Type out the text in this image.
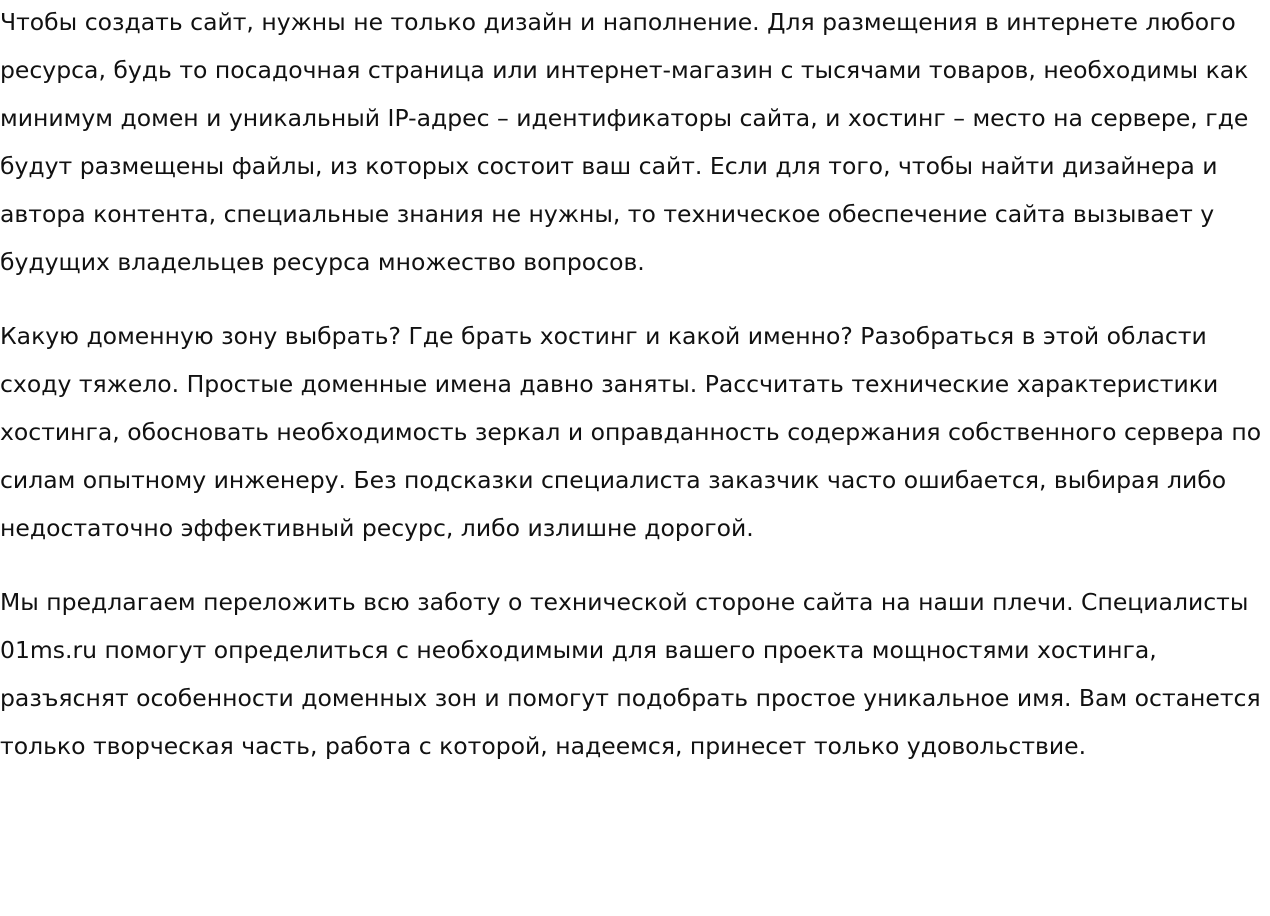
Чтобы создать сайт, нужны не только дизайн и наполнение. Для размещения в интернете любого ресурса, будь то посадочная страница или интернет-магазин с тысячами товаров, необходимы как минимум домен и уникальный IP-адрес – идентификаторы сайта, и хостинг – место на сервере, где будут размещены файлы, из которых состоит ваш сайт. Если для того, чтобы найти дизайнера и автора контента, специальные знания не нужны, то техническое обеспечение сайта вызывает у будущих владельцев ресурса множество вопросов.

Какую доменную зону выбрать? Где брать хостинг и какой именно? Разобраться в этой области сходу тяжело. Простые доменные имена давно заняты. Рассчитать технические характеристики хостинга, обосновать необходимость зеркал и оправданность содержания собственного сервера по силам опытному инженеру. Без подсказки специалиста заказчик часто ошибается, выбирая либо недостаточно эффективный ресурс, либо излишне дорогой.

Мы предлагаем переложить всю заботу о технической стороне сайта на наши плечи. Специалисты 01ms.ru помогут определиться с необходимыми для вашего проекта мощностями хостинга, разъяснят особенности доменных зон и помогут подобрать простое уникальное имя. Вам останется только творческая часть, работа с которой, надеемся, принесет только удовольствие.
